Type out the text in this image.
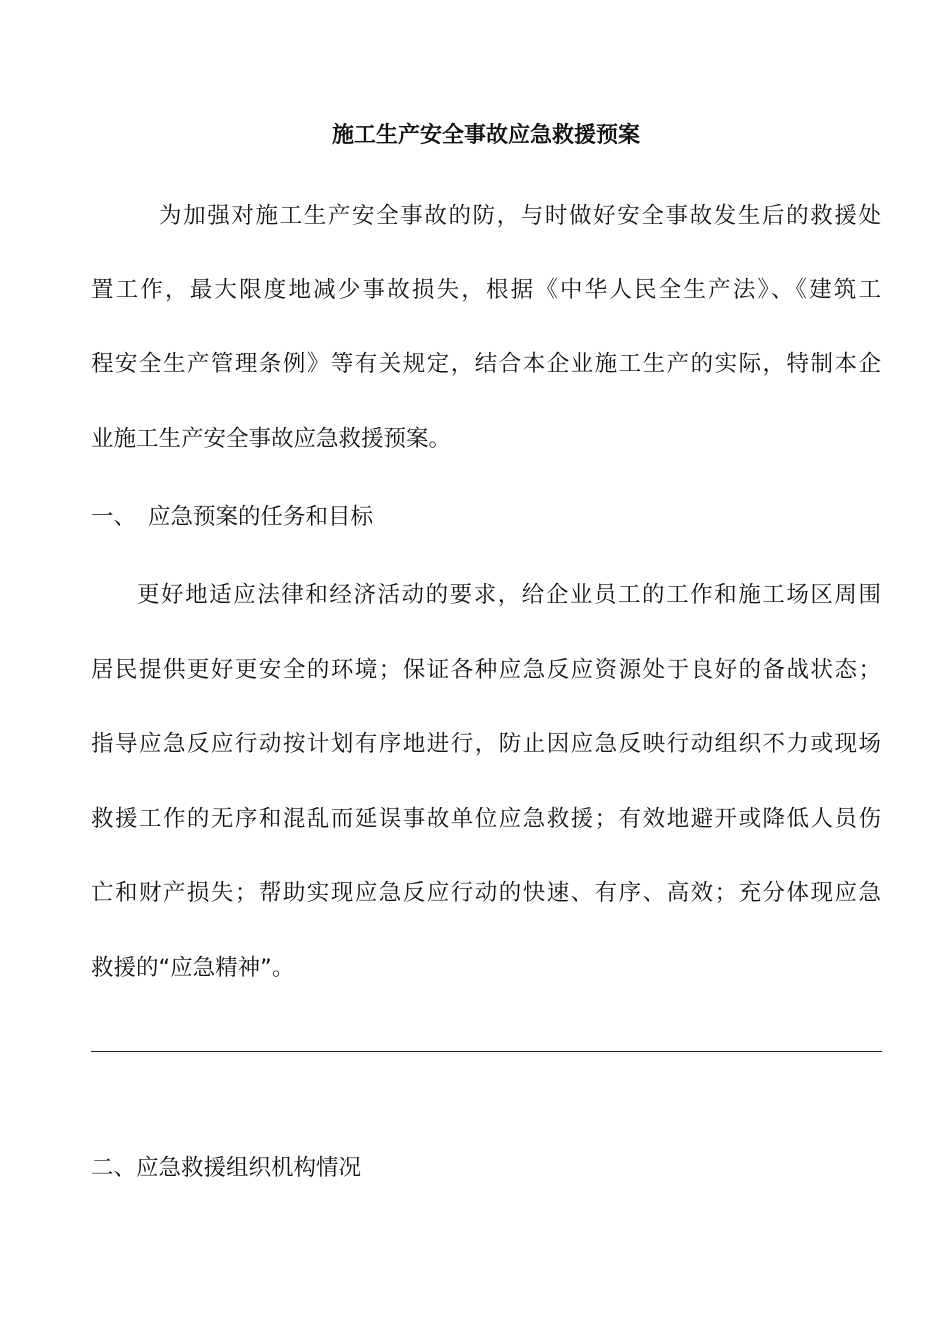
施工生产安全事故应急救援预案
为加强对施工生产安全事故的防，与时做好安全事故发生后的救援处
置工作，最大限度地减少事故损失，根据《中华人民全生产法》、《建筑工
程安全生产管理条例》等有关规定，结合本企业施工生产的实际，特制本企
业施工生产安全事故应急救援预案。
一、 应急预案的任务和目标
更好地适应法律和经济活动的要求，给企业员工的工作和施工场区周围
居民提供更好更安全的环境；保证各种应急反应资源处于良好的备战状态；
指导应急反应行动按计划有序地进行，防止因应急反映行动组织不力或现场
救援工作的无序和混乱而延误事故单位应急救援；有效地避开或降低人员伤
亡和财产损失；帮助实现应急反应行动的快速、有序、高效；充分体现应急
救援的“应急精神”。
二、应急救援组织机构情况
